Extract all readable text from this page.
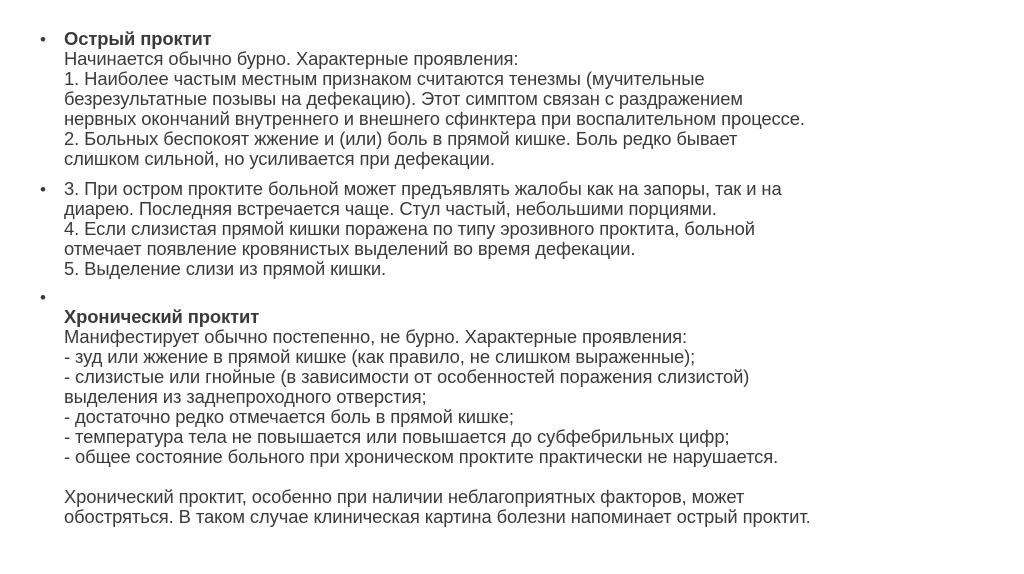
• Острый проктит
Начинается обычно бурно. Характерные проявления:
1. Наиболее частым местным признаком считаются тенезмы (мучительные
безрезультатные позывы на дефекацию). Этот симптом связан с раздражением
нервных окончаний внутреннего и внешнего сфинктера при воспалительном процессе.
2. Больных беспокоят жжение и (или) боль в прямой кишке. Боль редко бывает
слишком сильной, но усиливается при дефекации.
• 3. При остром проктите больной может предъявлять жалобы как на запоры, так и на
диарею. Последняя встречается чаще. Стул частый, небольшими порциями.
4. Если слизистая прямой кишки поражена по типу эрозивного проктита, больной
отмечает появление кровянистых выделений во время дефекации.
5. Выделение слизи из прямой кишки.
•
Хронический проктит
Манифестирует обычно постепенно, не бурно. Характерные проявления:
- зуд или жжение в прямой кишке (как правило, не слишком выраженные);
- слизистые или гнойные (в зависимости от особенностей поражения слизистой)
выделения из заднепроходного отверстия;
- достаточно редко отмечается боль в прямой кишке;
- температура тела не повышается или повышается до субфебрильных цифр;
- общее состояние больного при хроническом проктите практически не нарушается.
Хронический проктит, особенно при наличии неблагоприятных факторов, может
обостряться. В таком случае клиническая картина болезни напоминает острый проктит.
